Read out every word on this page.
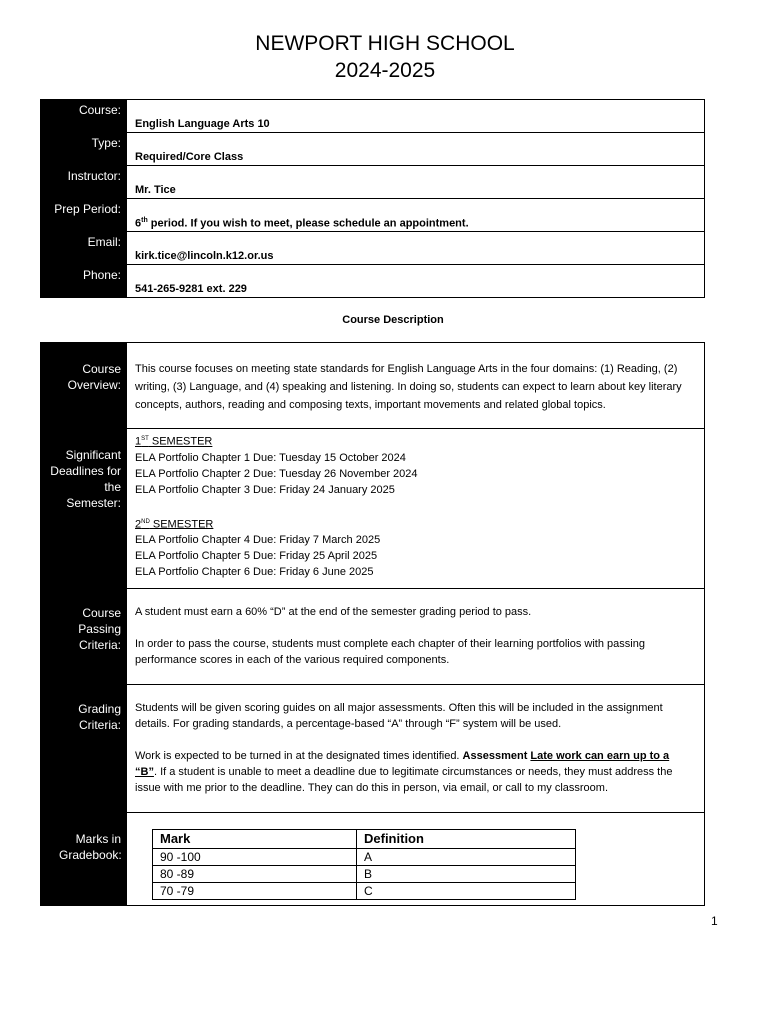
NEWPORT HIGH SCHOOL
2024-2025
Course:
English Language Arts 10
Type:
Required/Core Class
Instructor:
Mr. Tice
Prep Period:
6th period. If you wish to meet, please schedule an appointment.
Email:
kirk.tice@lincoln.k12.or.us
Phone:
541-265-9281 ext. 229
Course Description
Course Overview:

This course focuses on meeting state standards for English Language Arts in the four domains: (1) Reading, (2) writing, (3) Language, and (4) speaking and listening. In doing so, students can expect to learn about key literary concepts, authors, reading and composing texts, important movements and related global topics.

Significant Deadlines for the Semester:

1ST SEMESTER

ELA Portfolio Chapter 1 Due: Tuesday 15 October 2024

ELA Portfolio Chapter 2 Due: Tuesday 26 November 2024

ELA Portfolio Chapter 3 Due: Friday 24 January 2025

2ND SEMESTER

ELA Portfolio Chapter 4 Due: Friday 7 March 2025

ELA Portfolio Chapter 5 Due: Friday 25 April 2025

ELA Portfolio Chapter 6 Due: Friday 6 June 2025

Course Passing Criteria:

A student must earn a 60% “D” at the end of the semester grading period to pass.

In order to pass the course, students must complete each chapter of their learning portfolios with passing performance scores in each of the various required components.

Grading Criteria:

Students will be given scoring guides on all major assessments. Often this will be included in the assignment details. For grading standards, a percentage-based “A” through “F” system will be used.

Work is expected to be turned in at the designated times identified. Assessment Late work can earn up to a “B”. If a student is unable to meet a deadline due to legitimate circumstances or needs, they must address the issue with me prior to the deadline. They can do this in person, via email, or call to my classroom.

Marks in Gradebook:
Mark	Definition
90 -100	A
80 -89	B
70 -79	C
1
